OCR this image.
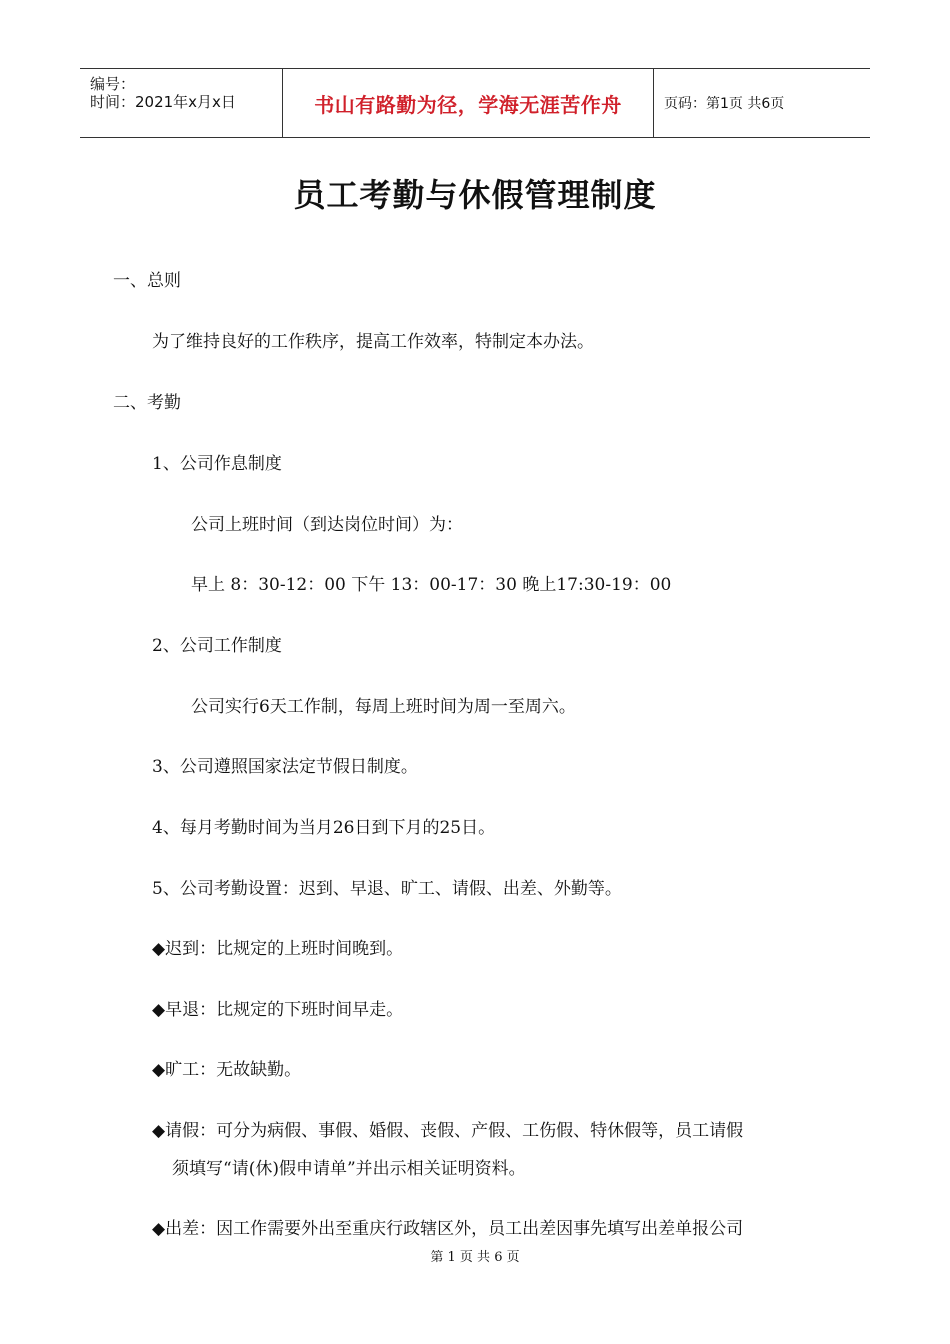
编号：
时间：2021年x月x日	书山有路勤为径，学海无涯苦作舟	页码：第1页 共6页
员工考勤与休假管理制度
一、总则
为了维持良好的工作秩序，提高工作效率，特制定本办法。
二、考勤
1、公司作息制度
公司上班时间（到达岗位时间）为：
早上 8：30-12：00 下午 13：00-17：30 晚上17:30-19：00
2、公司工作制度
公司实行6天工作制，每周上班时间为周一至周六。
3、公司遵照国家法定节假日制度。
4、每月考勤时间为当月26日到下月的25日。
5、公司考勤设置：迟到、早退、旷工、请假、出差、外勤等。
◆迟到：比规定的上班时间晚到。
◆早退：比规定的下班时间早走。
◆旷工：无故缺勤。
◆请假：可分为病假、事假、婚假、丧假、产假、工伤假、特休假等，员工请假
须填写“请(休)假申请单”并出示相关证明资料。
◆出差：因工作需要外出至重庆行政辖区外，员工出差因事先填写出差单报公司
第 1 页 共 6 页
